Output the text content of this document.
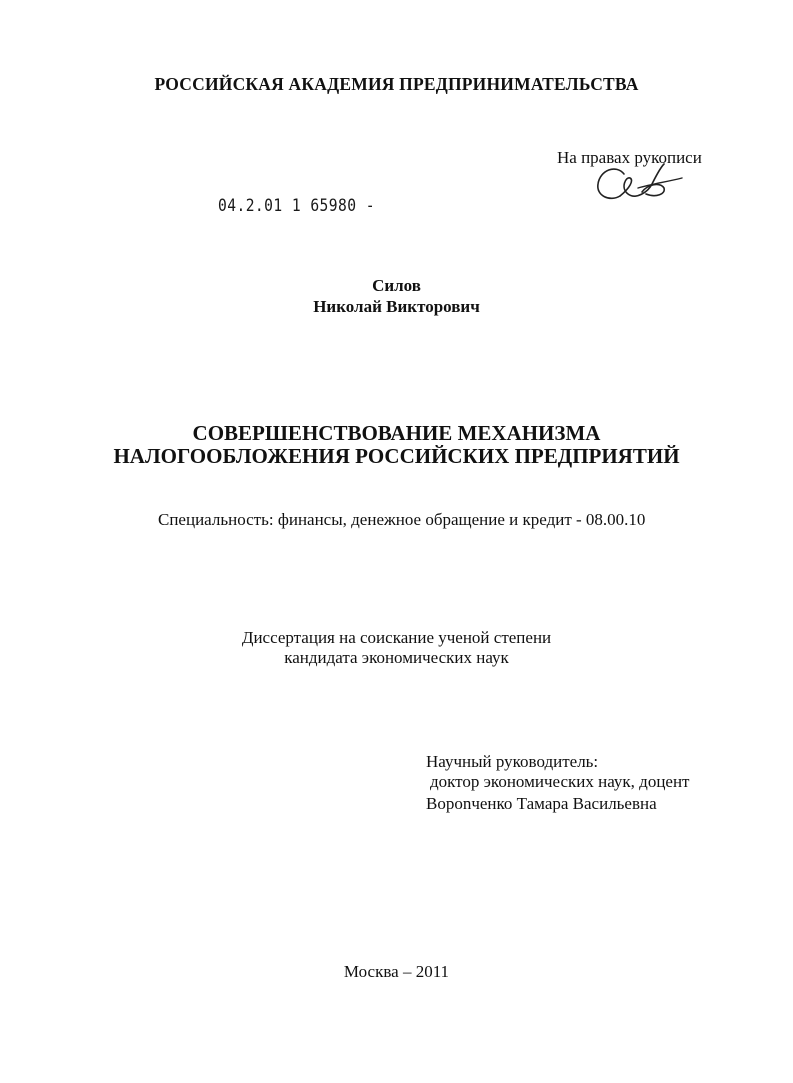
РОССИЙСКАЯ АКАДЕМИЯ ПРЕДПРИНИМАТЕЛЬСТВА
На правах рукописи
04.2.01 1 65980 -
Силов
Николай Викторович
СОВЕРШЕНСТВОВАНИЕ МЕХАНИЗМА
НАЛОГООБЛОЖЕНИЯ РОССИЙСКИХ ПРЕДПРИЯТИЙ
Специальность: финансы, денежное обращение и кредит - 08.00.10
Диссертация на соискание ученой степени
кандидата экономических наук
Научный руководитель:
доктор экономических наук, доцент
Ворonченко Тамара Васильевна
Москва – 2011
